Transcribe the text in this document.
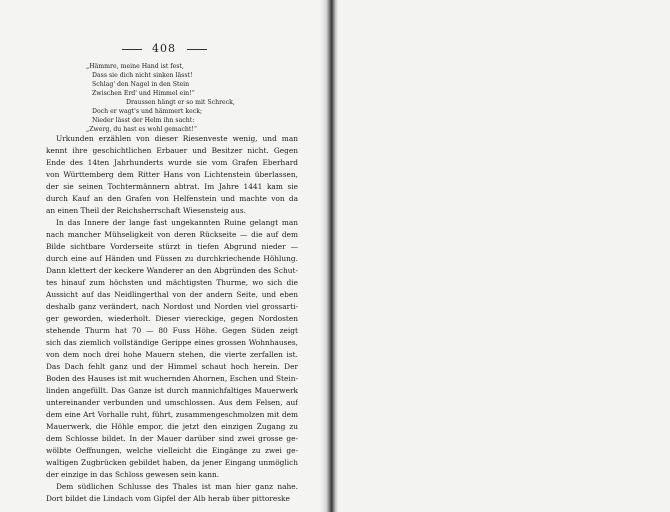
408
„Hämmre, meine Hand ist fest,
Dass sie dich nicht sinken lässt!
Schlag' den Nagel in den Stein
Zwischen Erd' und Himmel ein!“
Draussen hängt er so mit Schreck,
Doch er wagt's und hämmert keck;
Nieder lässt der Helm ihn sacht:
„Zwerg, du hast es wohl gemacht!“
Urkunden erzählen von dieser Riesenveste wenig, und man
kennt ihre geschichtlichen Erbauer und Besitzer nicht. Gegen
Ende des 14ten Jahrhunderts wurde sie vom Grafen Eberhard
von Württemberg dem Ritter Hans von Lichtenstein überlassen,
der sie seinen Tochtermännern abtrat. Im Jahre 1441 kam sie
durch Kauf an den Grafen von Helfenstein und machte von da
an einen Theil der Reichsherrschaft Wiesensteig aus.
In das Innere der lange fast ungekannten Ruine gelangt man
nach mancher Mühseligkeit von deren Rückseite — die auf dem
Bilde sichtbare Vorderseite stürzt in tiefen Abgrund nieder —
durch eine auf Händen und Füssen zu durchkriechende Höhlung.
Dann klettert der keckere Wanderer an den Abgründen des Schut-
tes hinauf zum höchsten und mächtigsten Thurme, wo sich die
Aussicht auf das Neidlingerthal von der andern Seite, und eben
deshalb ganz verändert, nach Nordost und Norden viel grossarti-
ger geworden, wiederholt. Dieser viereckige, gegen Nordosten
stehende Thurm hat 70 — 80 Fuss Höhe. Gegen Süden zeigt
sich das ziemlich vollständige Gerippe eines grossen Wohnhauses,
von dem noch drei hohe Mauern stehen, die vierte zerfallen ist.
Das Dach fehlt ganz und der Himmel schaut hoch herein. Der
Boden des Hauses ist mit wuchernden Ahornen, Eschen und Stein-
linden angefüllt. Das Ganze ist durch mannichfaltiges Mauerwerk
untereinander verbunden und umschlossen. Aus dem Felsen, auf
dem eine Art Vorhalle ruht, führt, zusammengeschmolzen mit dem
Mauerwerk, die Höhle empor, die jetzt den einzigen Zugang zu
dem Schlosse bildet. In der Mauer darüber sind zwei grosse ge-
wölbte Oeffnungen, welche vielleicht die Eingänge zu zwei ge-
waltigen Zugbrücken gebildet haben, da jener Eingang unmöglich
der einzige in das Schloss gewesen sein kann.
Dem südlichen Schlusse des Thales ist man hier ganz nahe.
Dort bildet die Lindach vom Gipfel der Alb herab über pittoreske
